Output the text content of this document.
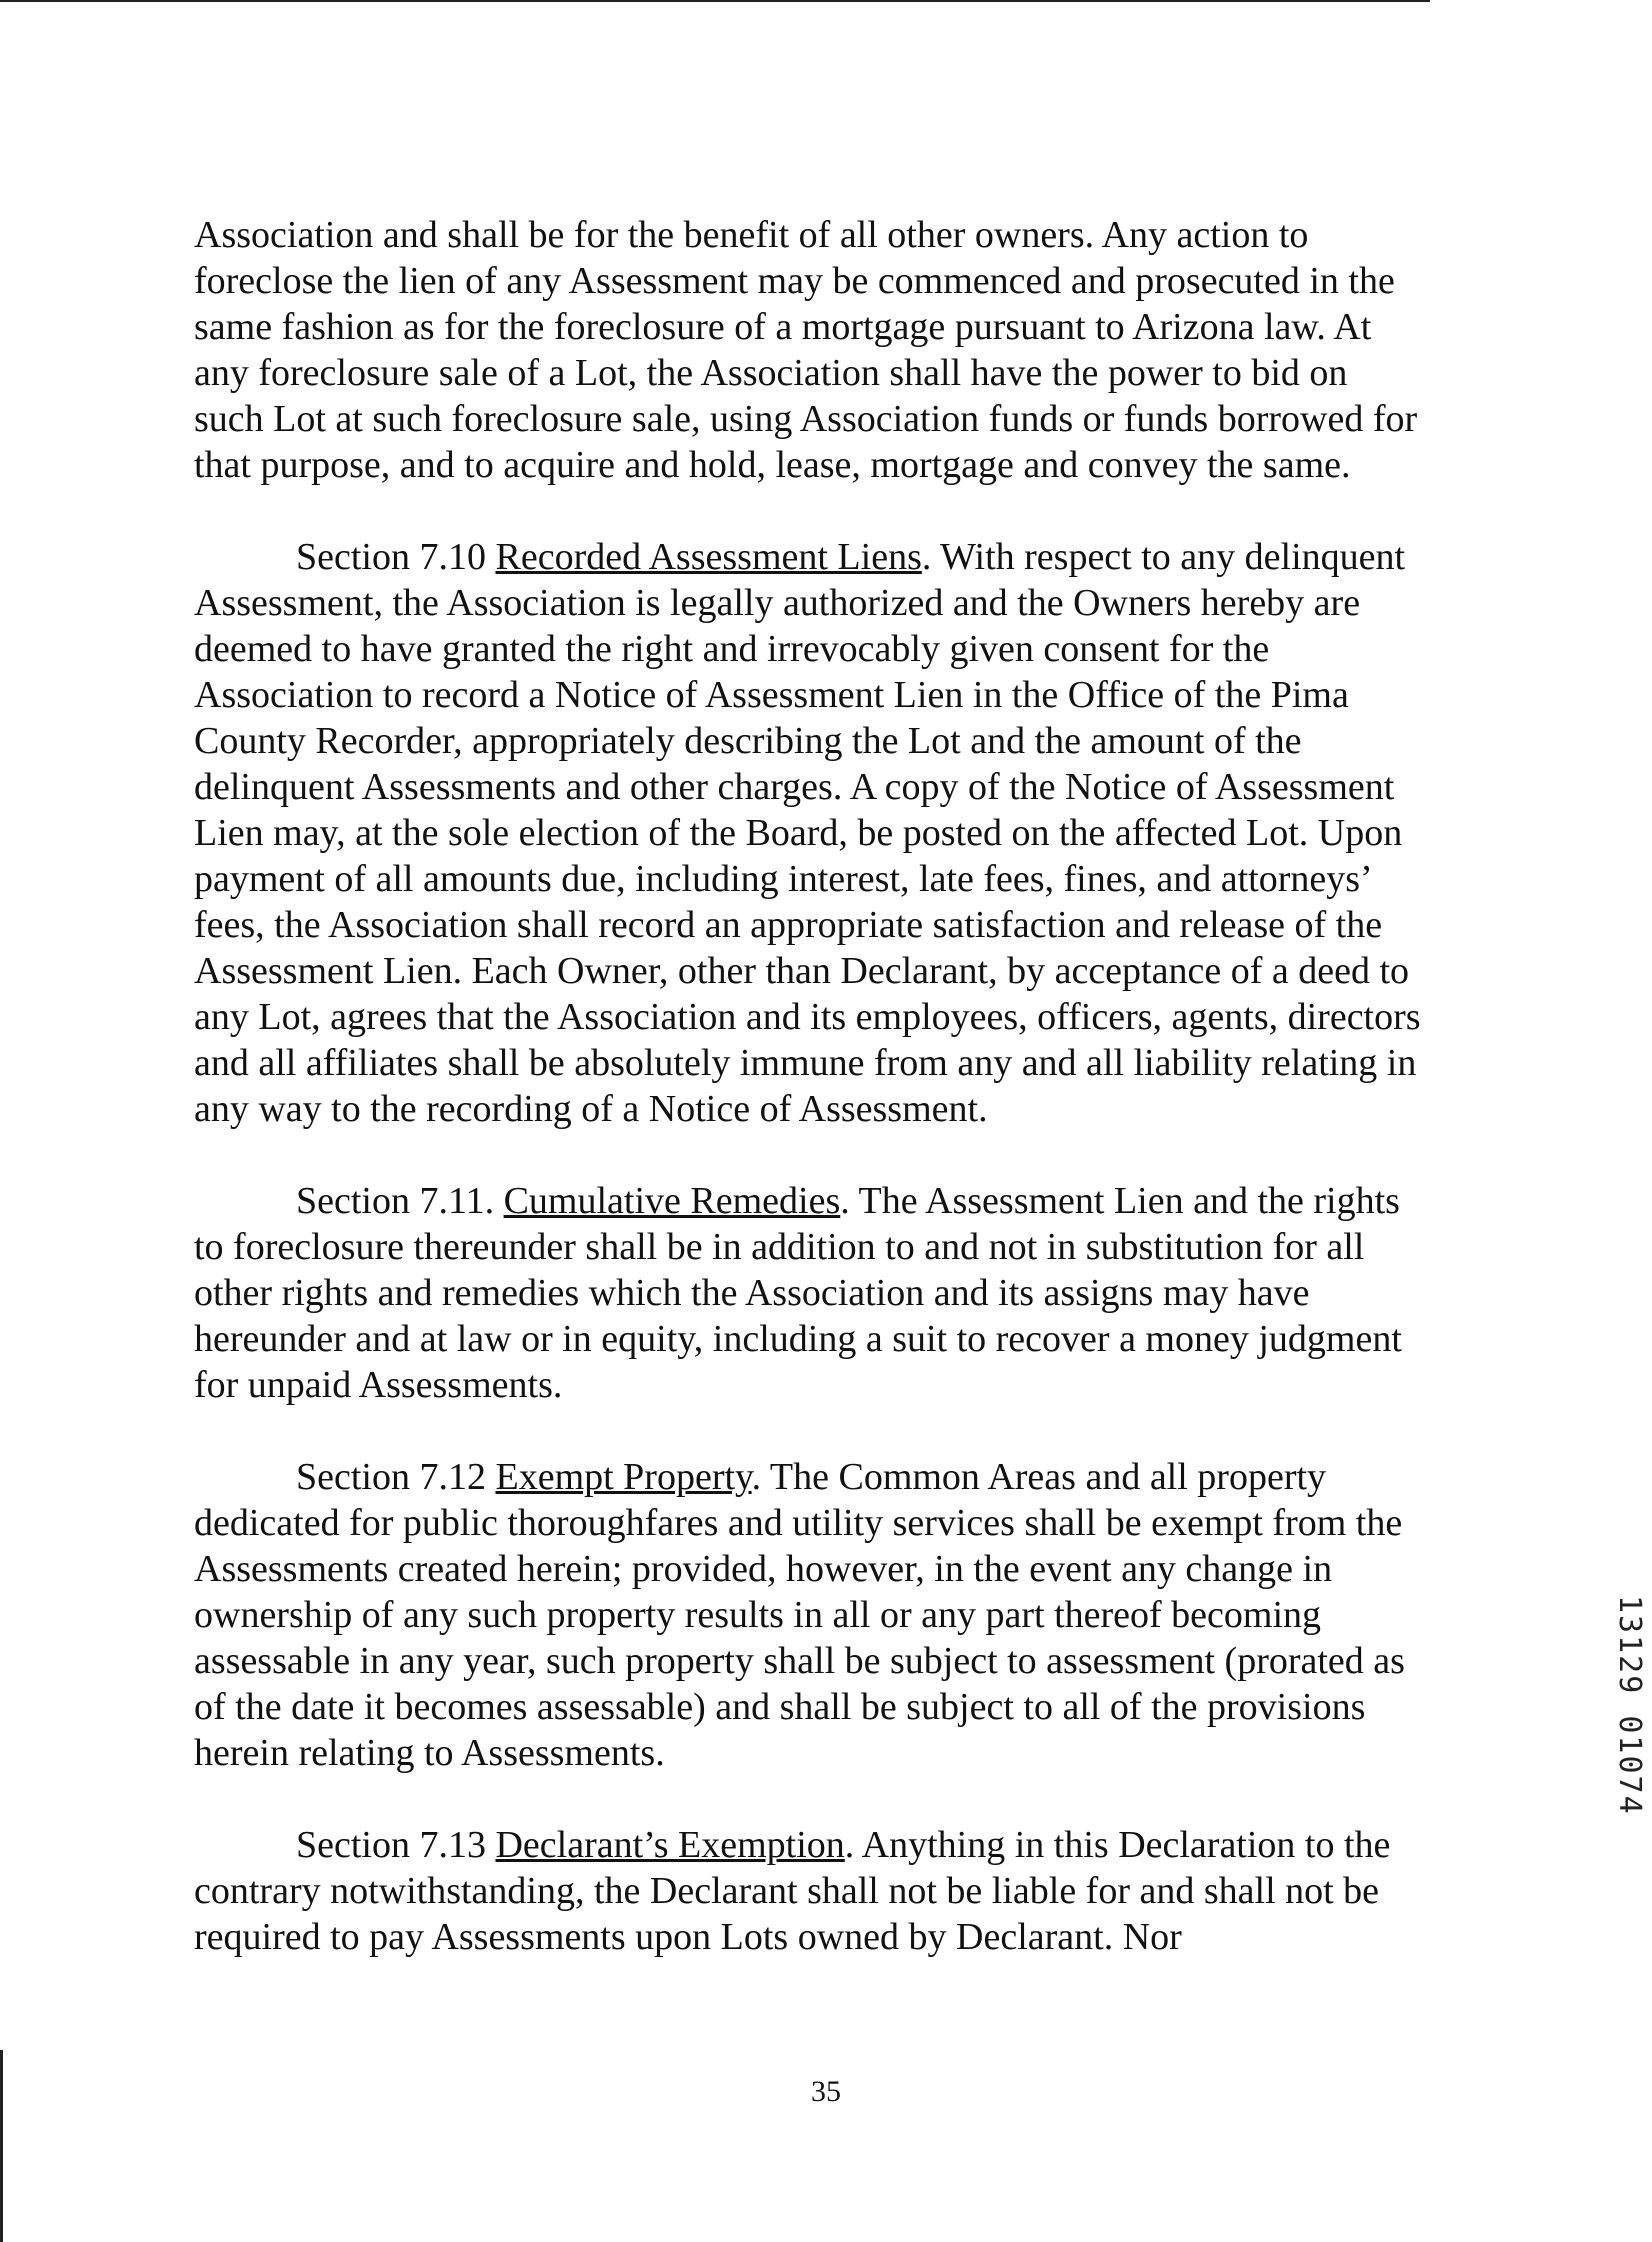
Association and shall be for the benefit of all other owners. Any action to foreclose the lien of any Assessment may be commenced and prosecuted in the same fashion as for the foreclosure of a mortgage pursuant to Arizona law. At any foreclosure sale of a Lot, the Association shall have the power to bid on such Lot at such foreclosure sale, using Association funds or funds borrowed for that purpose, and to acquire and hold, lease, mortgage and convey the same.

Section 7.10 Recorded Assessment Liens. With respect to any delinquent Assessment, the Association is legally authorized and the Owners hereby are deemed to have granted the right and irrevocably given consent for the Association to record a Notice of Assessment Lien in the Office of the Pima County Recorder, appropriately describing the Lot and the amount of the delinquent Assessments and other charges. A copy of the Notice of Assessment Lien may, at the sole election of the Board, be posted on the affected Lot. Upon payment of all amounts due, including interest, late fees, fines, and attorneys’ fees, the Association shall record an appropriate satisfaction and release of the Assessment Lien. Each Owner, other than Declarant, by acceptance of a deed to any Lot, agrees that the Association and its employees, officers, agents, directors and all affiliates shall be absolutely immune from any and all liability relating in any way to the recording of a Notice of Assessment.

Section 7.11. Cumulative Remedies. The Assessment Lien and the rights to foreclosure thereunder shall be in addition to and not in substitution for all other rights and remedies which the Association and its assigns may have hereunder and at law or in equity, including a suit to recover a money judgment for unpaid Assessments.

Section 7.12 Exempt Property. The Common Areas and all property dedicated for public thoroughfares and utility services shall be exempt from the Assessments created herein; provided, however, in the event any change in ownership of any such property results in all or any part thereof becoming assessable in any year, such property shall be subject to assessment (prorated as of the date it becomes assessable) and shall be subject to all of the provisions herein relating to Assessments.

Section 7.13 Declarant’s Exemption. Anything in this Declaration to the contrary notwithstanding, the Declarant shall not be liable for and shall not be required to pay Assessments upon Lots owned by Declarant. Nor

13129 01074
35
